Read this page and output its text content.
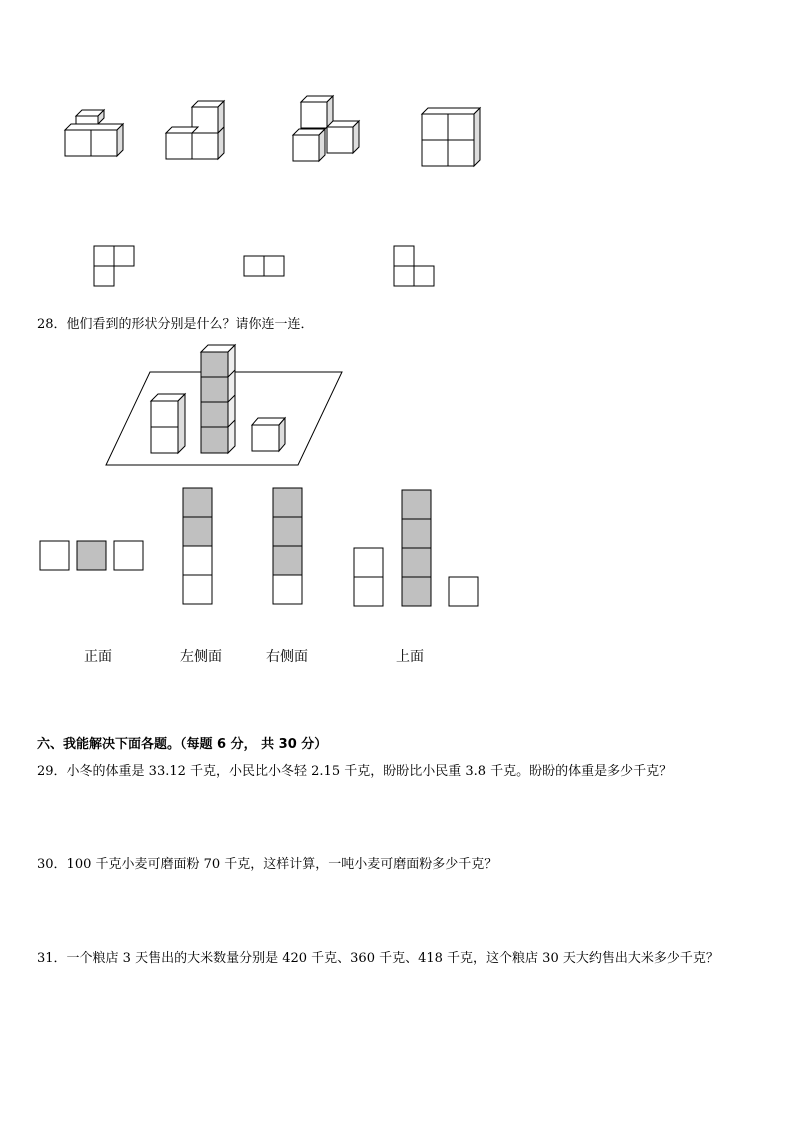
28．他们看到的形状分别是什么？请你连一连．
正面	左侧面	右侧面	上面
六、我能解决下面各题。（每题 6 分， 共 30 分）
29．小冬的体重是 33.12 千克，小民比小冬轻 2.15 千克，盼盼比小民重 3.8 千克。盼盼的体重是多少千克？
30．100 千克小麦可磨面粉 70 千克，这样计算，一吨小麦可磨面粉多少千克？
31．一个粮店 3 天售出的大米数量分别是 420 千克、360 千克、418 千克，这个粮店 30 天大约售出大米多少千克？
